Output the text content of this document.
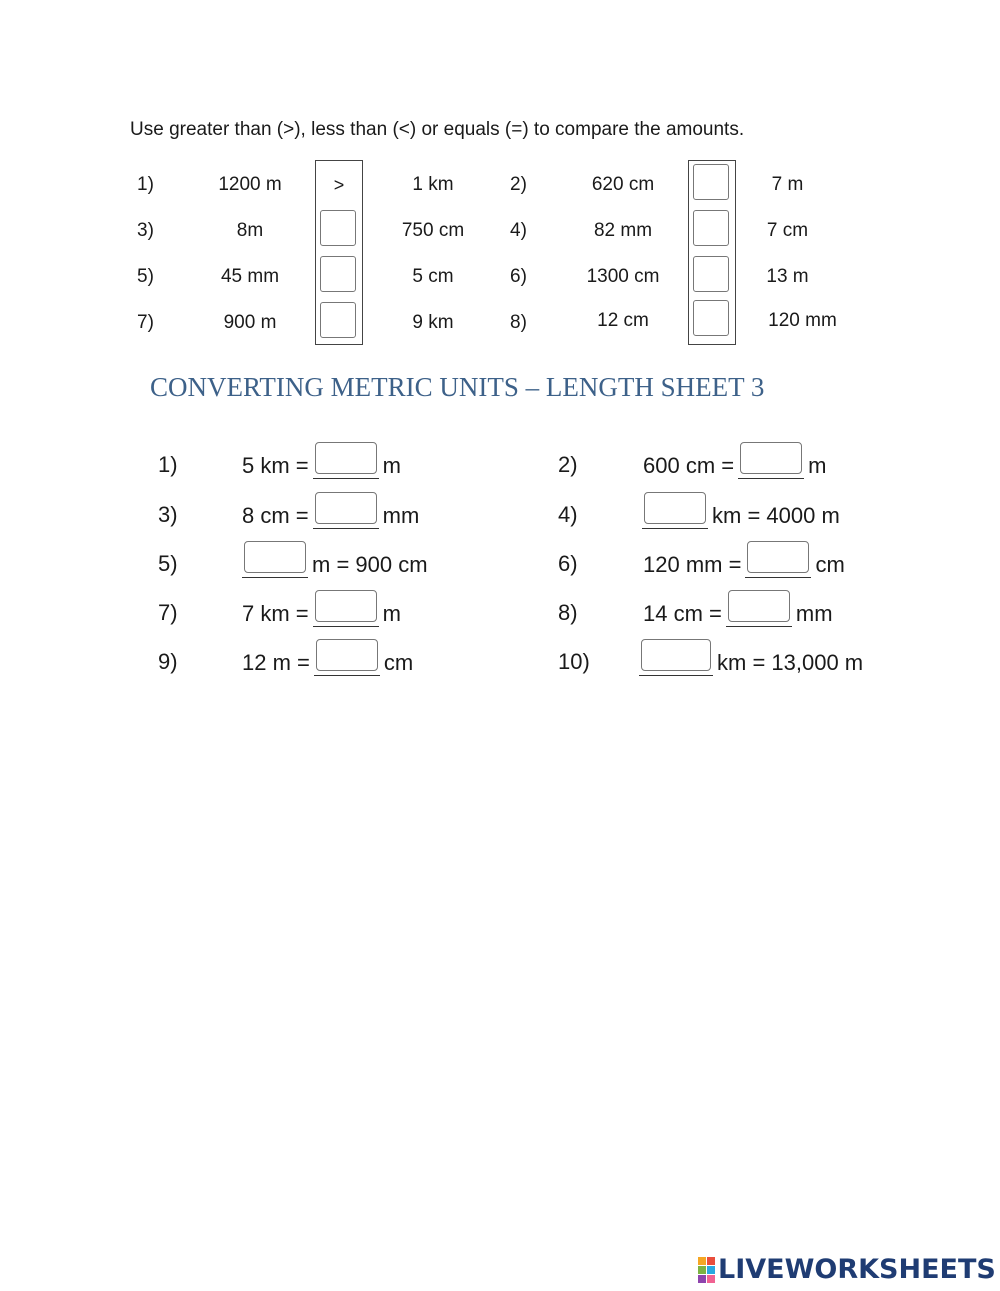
Use greater than (>), less than (<) or equals (=) to compare the amounts.
1)	1200 m	>	1 km
3)	8m	750 cm
5)	45 mm	5 cm
7)	900 m	9 km
2)	620 cm	7 m
4)	82 mm	7 cm
6)	1300 cm	13 m
8)	12 cm	120 mm
CONVERTING METRIC UNITS – LENGTH SHEET 3
1)	5 km =	m	2)	600 cm =	m
3)	8 cm =	mm	4)	km = 4000 m
5)	m = 900 cm	6)	120 mm =	cm
7)	7 km =	m	8)	14 cm =	mm
9)	12 m =	cm	10)	km = 13,000 m
LIVEWORKSHEETS
